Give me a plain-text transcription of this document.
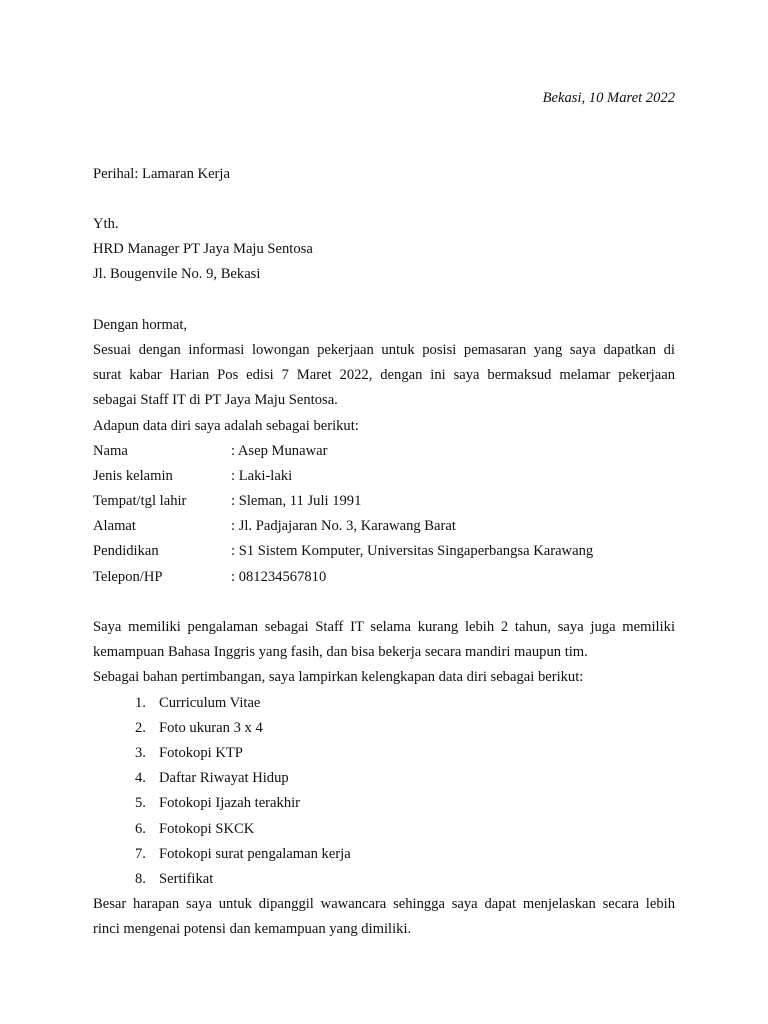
Bekasi, 10 Maret 2022
Perihal: Lamaran Kerja
Yth.
HRD Manager PT Jaya Maju Sentosa
Jl. Bougenvile No. 9, Bekasi
Dengan hormat,
Sesuai dengan informasi lowongan pekerjaan untuk posisi pemasaran yang saya dapatkan di
surat kabar Harian Pos edisi 7 Maret 2022, dengan ini saya bermaksud melamar pekerjaan
sebagai Staff IT di PT Jaya Maju Sentosa.
Adapun data diri saya adalah sebagai berikut:
Nama	: Asep Munawar
Jenis kelamin	: Laki-laki
Tempat/tgl lahir	: Sleman, 11 Juli 1991
Alamat	: Jl. Padjajaran No. 3, Karawang Barat
Pendidikan	: S1 Sistem Komputer, Universitas Singaperbangsa Karawang
Telepon/HP	: 081234567810
Saya memiliki pengalaman sebagai Staff IT selama kurang lebih 2 tahun, saya juga memiliki
kemampuan Bahasa Inggris yang fasih, dan bisa bekerja secara mandiri maupun tim.
Sebagai bahan pertimbangan, saya lampirkan kelengkapan data diri sebagai berikut:
1. Curriculum Vitae
2. Foto ukuran 3 x 4
3. Fotokopi KTP
4. Daftar Riwayat Hidup
5. Fotokopi Ijazah terakhir
6. Fotokopi SKCK
7. Fotokopi surat pengalaman kerja
8. Sertifikat
Besar harapan saya untuk dipanggil wawancara sehingga saya dapat menjelaskan secara lebih
rinci mengenai potensi dan kemampuan yang dimiliki.
